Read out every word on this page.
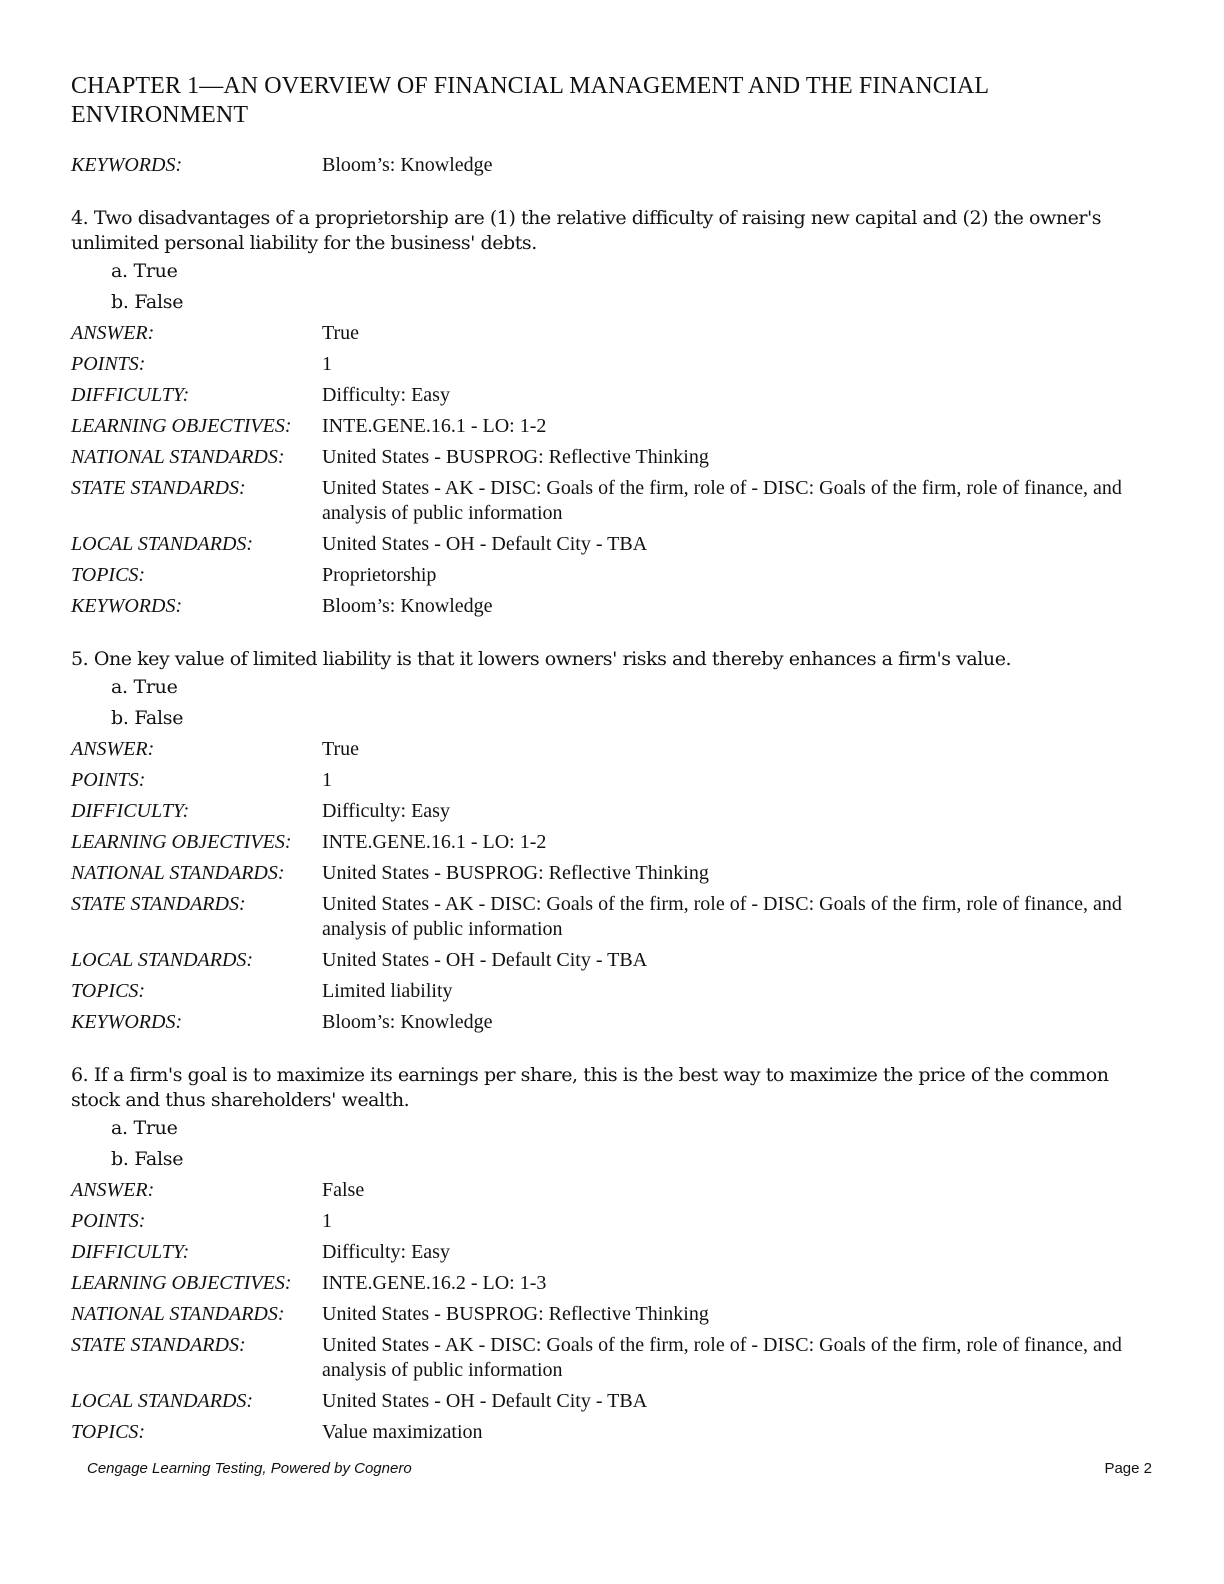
CHAPTER 1—AN OVERVIEW OF FINANCIAL MANAGEMENT AND THE FINANCIAL ENVIRONMENT
KEYWORDS:	Bloom’s: Knowledge
4. Two disadvantages of a proprietorship are (1) the relative difficulty of raising new capital and (2) the owner's unlimited personal liability for the business' debts.
a. True
b. False
ANSWER:	True
POINTS:	1
DIFFICULTY:	Difficulty: Easy
LEARNING OBJECTIVES:	INTE.GENE.16.1 - LO: 1-2
NATIONAL STANDARDS:	United States - BUSPROG: Reflective Thinking
STATE STANDARDS:	United States - AK - DISC: Goals of the firm, role of - DISC: Goals of the firm, role of finance, and analysis of public information
LOCAL STANDARDS:	United States - OH - Default City - TBA
TOPICS:	Proprietorship
KEYWORDS:	Bloom’s: Knowledge
5. One key value of limited liability is that it lowers owners' risks and thereby enhances a firm's value.
a. True
b. False
ANSWER:	True
POINTS:	1
DIFFICULTY:	Difficulty: Easy
LEARNING OBJECTIVES:	INTE.GENE.16.1 - LO: 1-2
NATIONAL STANDARDS:	United States - BUSPROG: Reflective Thinking
STATE STANDARDS:	United States - AK - DISC: Goals of the firm, role of - DISC: Goals of the firm, role of finance, and analysis of public information
LOCAL STANDARDS:	United States - OH - Default City - TBA
TOPICS:	Limited liability
KEYWORDS:	Bloom’s: Knowledge
6. If a firm's goal is to maximize its earnings per share, this is the best way to maximize the price of the common stock and thus shareholders' wealth.
a. True
b. False
ANSWER:	False
POINTS:	1
DIFFICULTY:	Difficulty: Easy
LEARNING OBJECTIVES:	INTE.GENE.16.2 - LO: 1-3
NATIONAL STANDARDS:	United States - BUSPROG: Reflective Thinking
STATE STANDARDS:	United States - AK - DISC: Goals of the firm, role of - DISC: Goals of the firm, role of finance, and analysis of public information
LOCAL STANDARDS:	United States - OH - Default City - TBA
TOPICS:	Value maximization
Cengage Learning Testing, Powered by Cognero	Page 2
